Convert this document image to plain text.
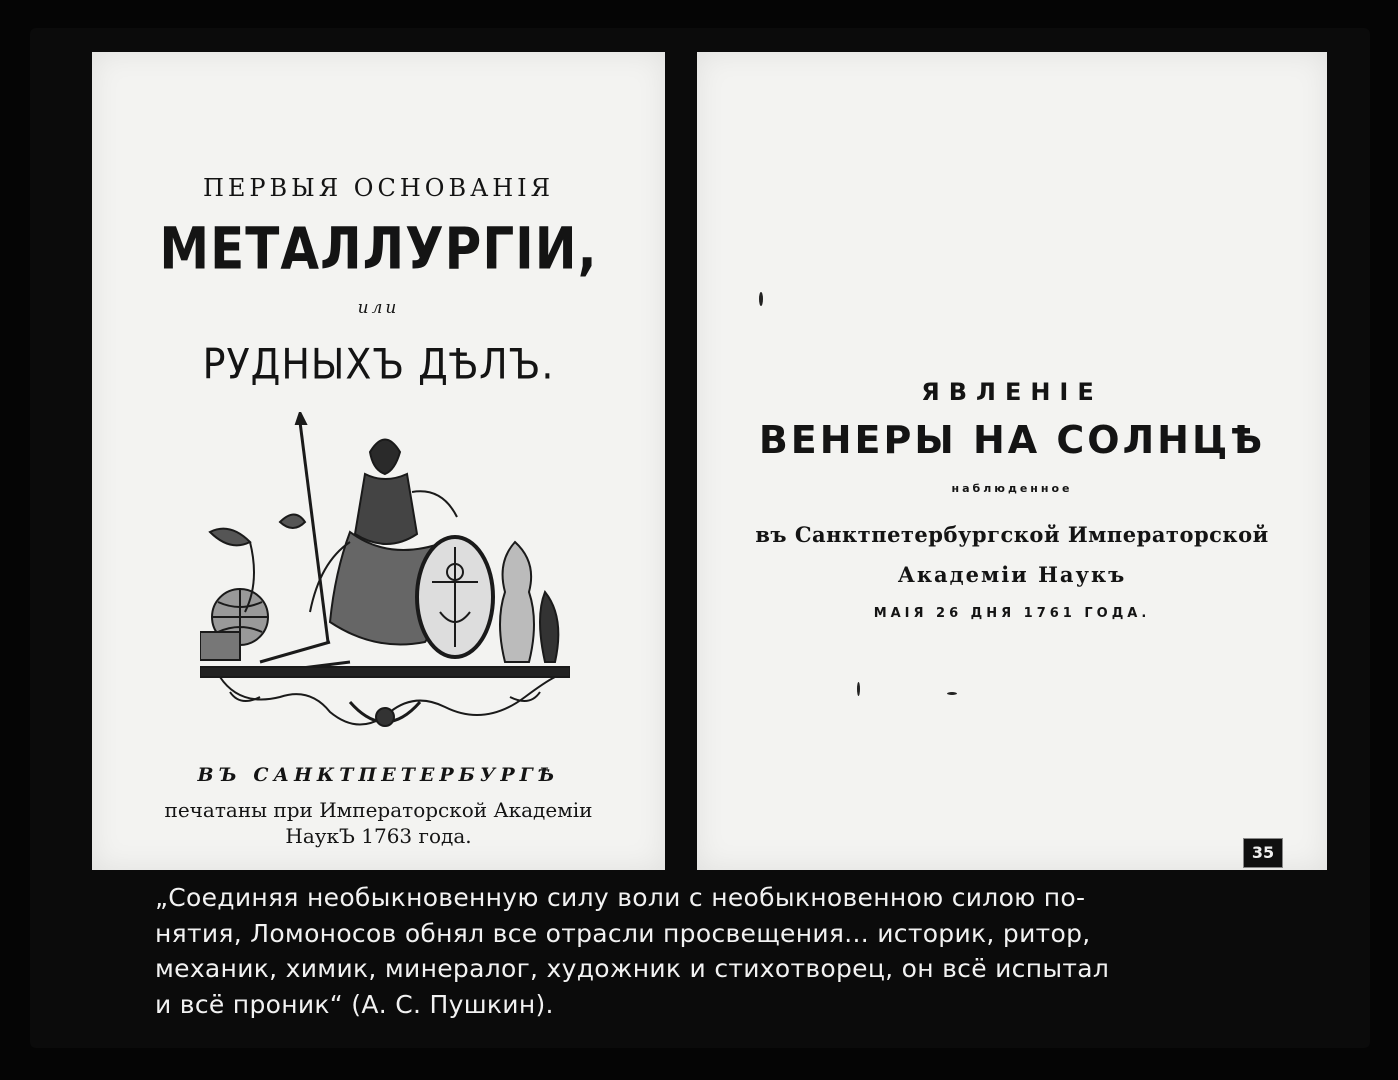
ПЕРВЫЯ ОСНОВАНІЯ
МЕТАЛЛУРГІИ,
или
РУДНЫХЪ ДѢЛЪ.
ВЪ САНКТПЕТЕРБУРГѢ
печатаны при Императорской Академіи
НаукЪ 1763 года.
ЯВЛЕНІЕ
ВЕНЕРЫ НА СОЛНЦѢ
наблюденное
въ Санктпетербургской Императорской
Академіи Наукъ
МАІЯ 26 ДНЯ 1761 ГОДА.
35
„Соединяя необыкновенную силу воли с необыкновенною силою по-
нятия, Ломоносов обнял все отрасли просвещения... историк, ритор,
механик, химик, минералог, художник и стихотворец, он всё испытал
и всё проник“ (А. С. Пушкин).
